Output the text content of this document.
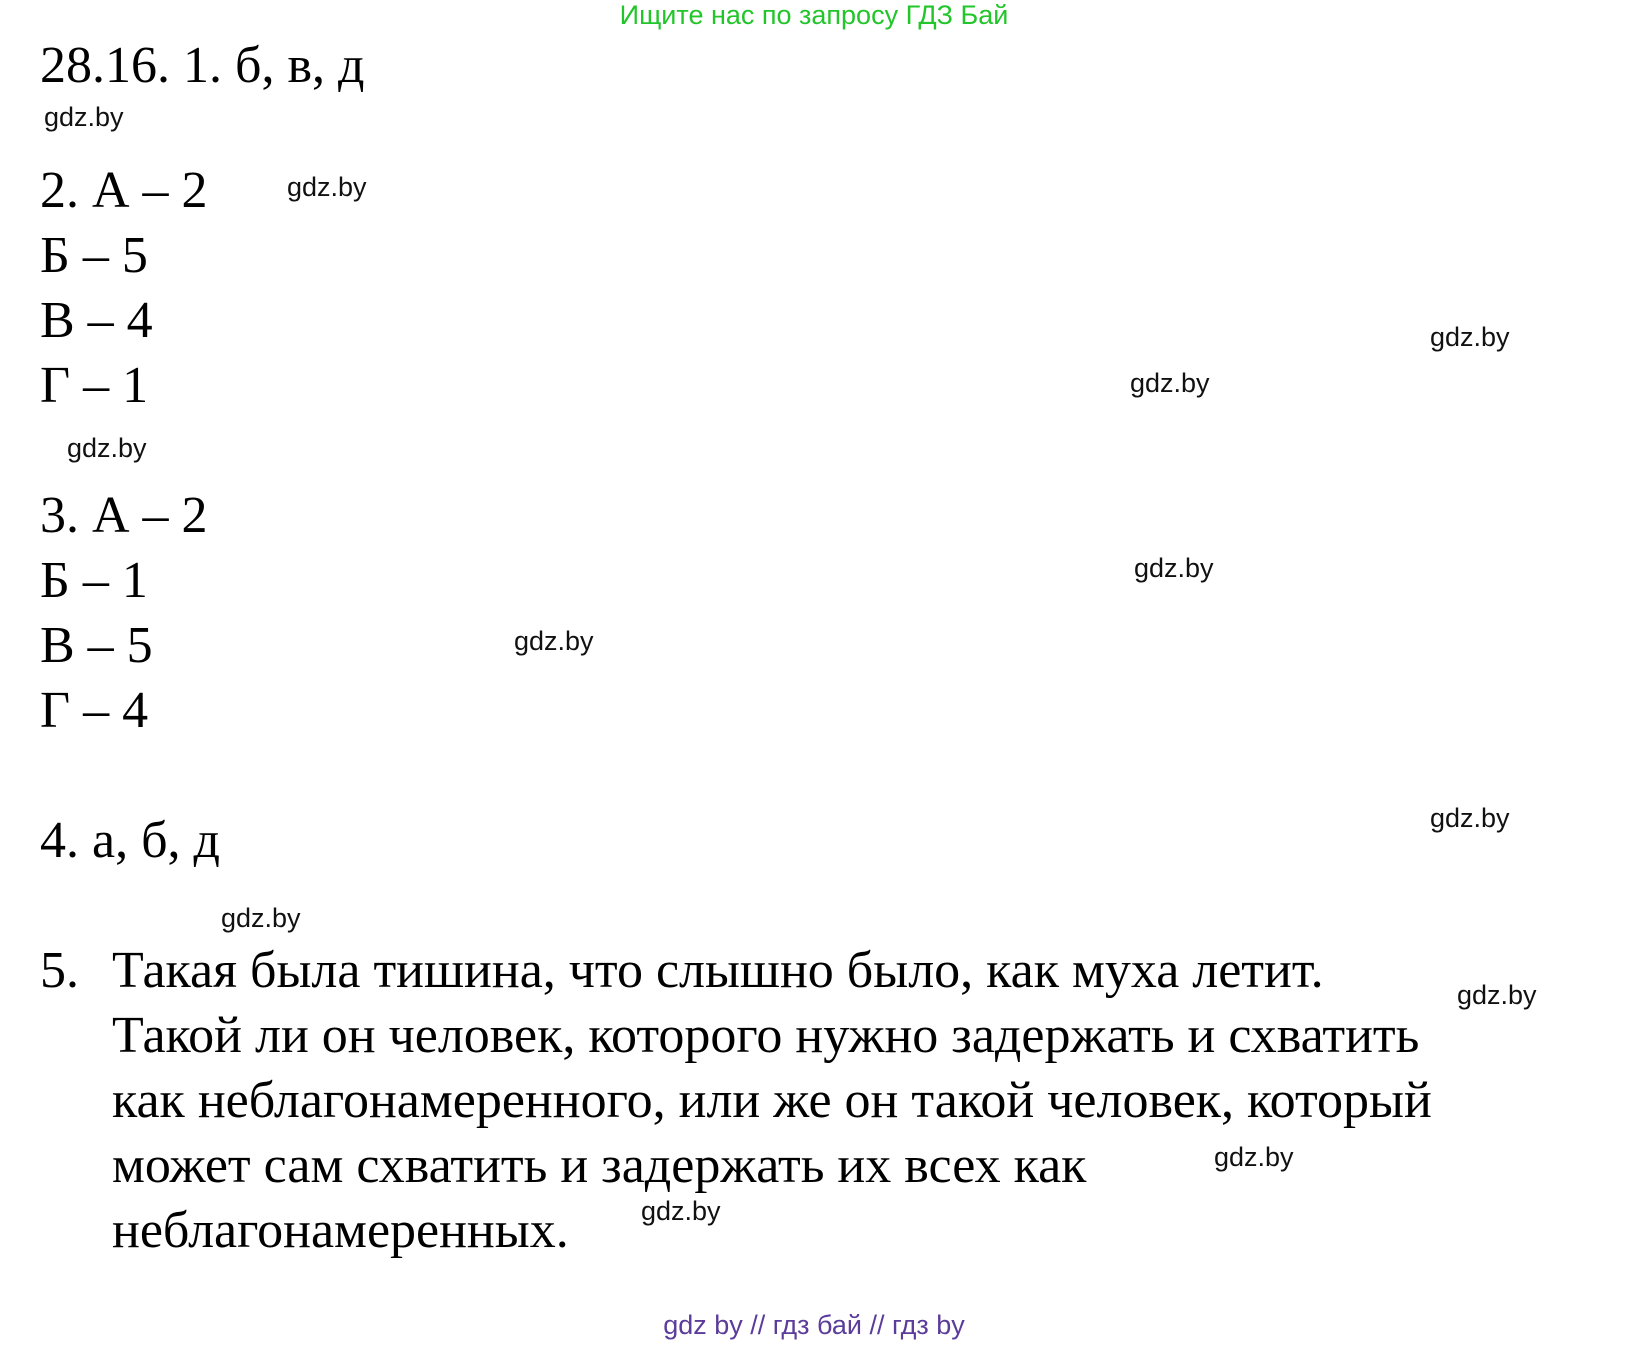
Ищите нас по запросу ГДЗ Бай
28.16. 1. б, в, д
2. А – 2
Б – 5
В – 4
Г – 1
3. А – 2
Б – 1
В – 5
Г – 4
4. а, б, д
5. Такая была тишина, что слышно было, как муха летит.
Такой ли он человек, которого нужно задержать и схватить
как неблагонамеренного, или же он такой человек, который
может сам схватить и задержать их всех как
неблагонамеренных.
gdz.by
gdz.by
gdz.by
gdz.by
gdz.by
gdz.by
gdz.by
gdz.by
gdz.by
gdz.by
gdz.by
gdz.by
gdz by // гдз бай // гдз by
